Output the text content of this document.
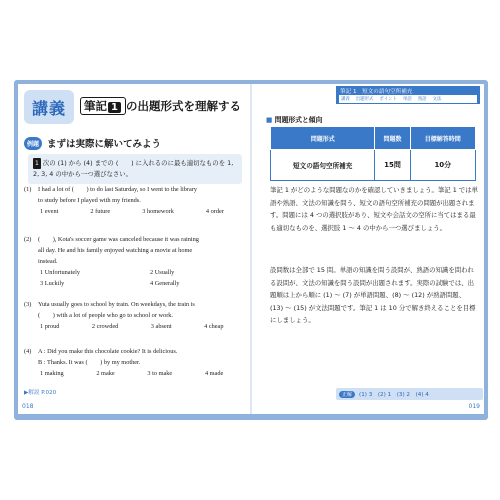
講義	筆記 1 の出題形式を理解する
例題 まずは実際に解いてみよう
1 次の (1) から (4) までの (　　) に入れるのに最も適切なものを 1, 2, 3, 4 の中から一つ選びなさい。
(1) I had a lot of (　　) to do last Saturday, so I went to the library
to study before I played with my friends.
1 event	2 future	3 homework	4 order
(2) (　　), Kota's soccer game was canceled because it was raining
all day. He and his family enjoyed watching a movie at home
instead.
1 Unfortunately	2 Usually
3 Luckily	4 Generally
(3) Yuta usually goes to school by train. On weekdays, the train is
(　　) with a lot of people who go to school or work.
1 proud	2 crowded	3 absent	4 cheap
(4) A : Did you make this chocolate cookie? It is delicious.
B : Thanks. It was (　　) by my mother.
1 making	2 make	3 to make	4 made
▶解説 P.020
018
筆記 1　短文の語句空所補充
講義 出題形式 ポイント 単語 熟語 文法
■ 問題形式と傾向
問題形式	問題数	目標解答時間
短文の語句空所補充	15問	10分
筆記 1 がどのような問題なのかを確認していきましょう。筆記 1 では単語や熟語、文法の知識を問う、短文の語句空所補充の問題が出題されます。問題には 4 つの選択肢があり、短文や会話文の空所に当てはまる最も適切なものを、選択肢 1 ～ 4 の中から一つ選びましょう。
設問数は全部で 15 問。単語の知識を問う設問が、熟語の知識を問われる設問が、文法の知識を問う設問が出題されます。実際の試験では、出題順は上から順に (1) ～ (7) が単語問題、(8) ～ (12) が熟語問題、(13) ～ (15) が文法問題です。筆記 1 は 10 分で解き終えることを目標にしましょう。
正解	(1) 3　(2) 1　(3) 2　(4) 4
019
